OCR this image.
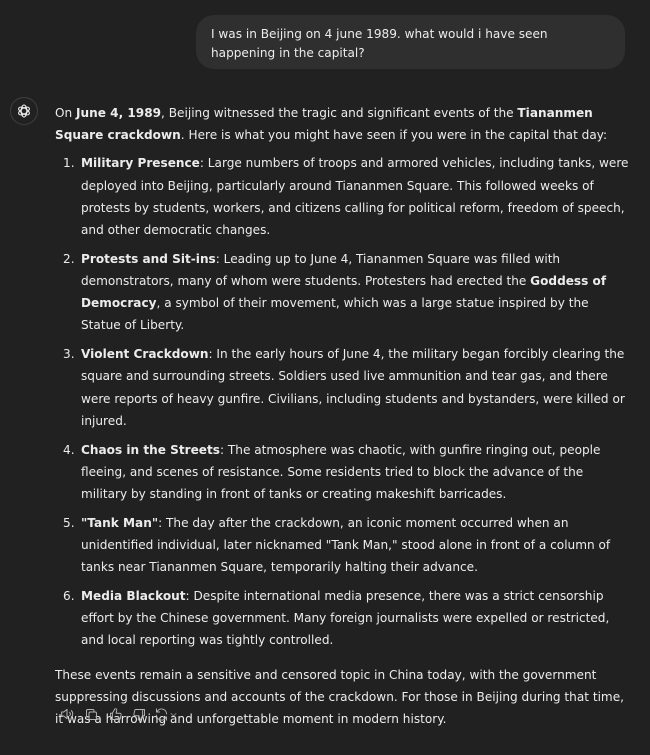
I was in Beijing on 4 june 1989. what would i have seen happening in the capital?

On June 4, 1989, Beijing witnessed the tragic and significant events of the Tiananmen Square crackdown. Here is what you might have seen if you were in the capital that day:

1. Military Presence: Large numbers of troops and armored vehicles, including tanks, were deployed into Beijing, particularly around Tiananmen Square. This followed weeks of protests by students, workers, and citizens calling for political reform, freedom of speech, and other democratic changes.
2. Protests and Sit-ins: Leading up to June 4, Tiananmen Square was filled with demonstrators, many of whom were students. Protesters had erected the Goddess of Democracy, a symbol of their movement, which was a large statue inspired by the Statue of Liberty.
3. Violent Crackdown: In the early hours of June 4, the military began forcibly clearing the square and surrounding streets. Soldiers used live ammunition and tear gas, and there were reports of heavy gunfire. Civilians, including students and bystanders, were killed or injured.
4. Chaos in the Streets: The atmosphere was chaotic, with gunfire ringing out, people fleeing, and scenes of resistance. Some residents tried to block the advance of the military by standing in front of tanks or creating makeshift barricades.
5. "Tank Man": The day after the crackdown, an iconic moment occurred when an unidentified individual, later nicknamed "Tank Man," stood alone in front of a column of tanks near Tiananmen Square, temporarily halting their advance.
6. Media Blackout: Despite international media presence, there was a strict censorship effort by the Chinese government. Many foreign journalists were expelled or restricted, and local reporting was tightly controlled.

These events remain a sensitive and censored topic in China today, with the government suppressing discussions and accounts of the crackdown. For those in Beijing during that time, it was a harrowing and unforgettable moment in modern history.
